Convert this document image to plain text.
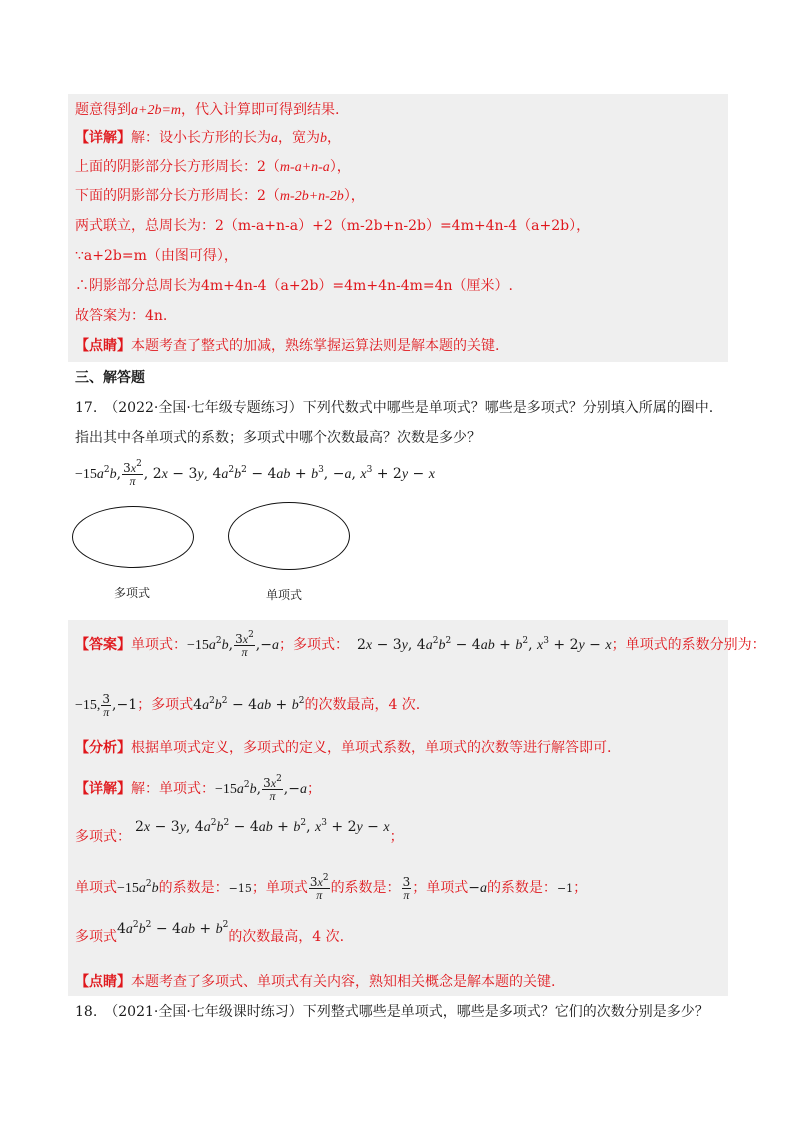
题意得到a+2b=m，代入计算即可得到结果.
【详解】解：设小长方形的长为a，宽为b，
上面的阴影部分长方形周长：2（m-a+n-a），
下面的阴影部分长方形周长：2（m-2b+n-2b），
两式联立，总周长为：2（m-a+n-a）+2（m-2b+n-2b）=4m+4n-4（a+2b），
∵a+2b=m（由图可得），
∴阴影部分总周长为4m+4n-4（a+2b）=4m+4n-4m=4n（厘米）.
故答案为：4n.
【点睛】本题考查了整式的加减，熟练掌握运算法则是解本题的关键.
三、解答题
17.　（2022·全国·七年级专题练习）下列代数式中哪些是单项式？哪些是多项式？分别填入所属的圈中.
指出其中各单项式的系数；多项式中哪个次数最高？次数是多少？
$-15a^2b$, $\frac{3x^2}{\pi}$ , 2x − 3y, $4a^2b^2 - 4ab + b^3$, −a, $x^3 + 2y - x$
多项式	单项式
【答案】单项式：$-15a^2b$, $\frac{3x^2}{\pi} ,-a$；多项式： 2x − 3y, $4a^2b^2 - 4ab + b^2$, $x^3 + 2y - x$；单项式的系数分别为：
−15, $\frac{3}{\pi} ,-1$；多项式$4a^2b^2 - 4ab + b^2$的次数最高，4 次.
【分析】根据单项式定义，多项式的定义，单项式系数，单项式的次数等进行解答即可.
【详解】解：单项式：$-15a^2b$, $\frac{3x^2}{\pi} ,-a$；
多项式：2x − 3y, $4a^2b^2 - 4ab + b^2$, $x^3 + 2y - x$；
单项式$-15a^2b$的系数是：−15；单项式 $\frac{3x^2}{\pi}$ 的系数是： $\frac{3}{\pi}$ ；单项式−a的系数是：−1；
多项式$4a^2b^2 - 4ab + b^2$的次数最高，4 次.
【点睛】本题考查了多项式、单项式有关内容，熟知相关概念是解本题的关键.
18.　（2021·全国·七年级课时练习）下列整式哪些是单项式，哪些是多项式？它们的次数分别是多少？
